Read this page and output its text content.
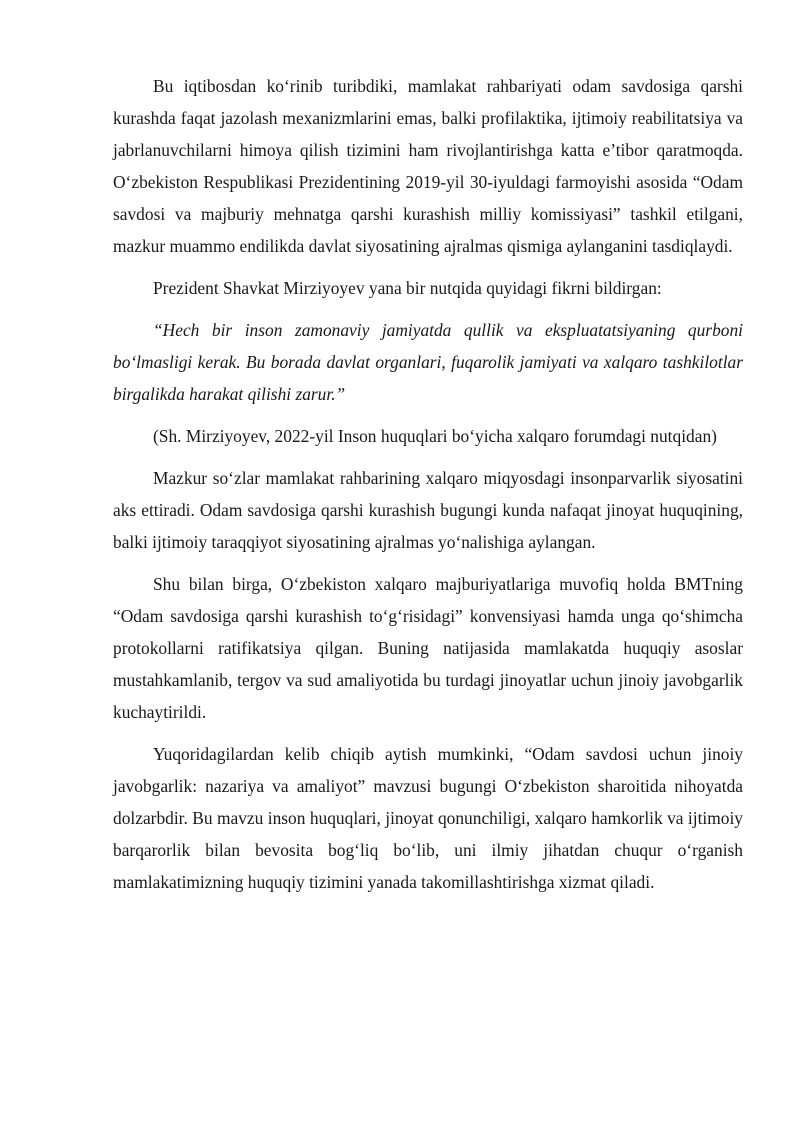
Bu iqtibosdan ko‘rinib turibdiki, mamlakat rahbariyati odam savdosiga qarshi kurashda faqat jazolash mexanizmlarini emas, balki profilaktika, ijtimoiy reabilitatsiya va jabrlanuvchilarni himoya qilish tizimini ham rivojlantirishga katta e’tibor qaratmoqda. O‘zbekiston Respublikasi Prezidentining 2019-yil 30-iyuldagi farmoyishi asosida “Odam savdosi va majburiy mehnatga qarshi kurashish milliy komissiyasi” tashkil etilgani, mazkur muammo endilikda davlat siyosatining ajralmas qismiga aylanganini tasdiqlaydi.

Prezident Shavkat Mirziyoyev yana bir nutqida quyidagi fikrni bildirgan:

“Hech bir inson zamonaviy jamiyatda qullik va ekspluatatsiyaning qurboni bo‘lmasligi kerak. Bu borada davlat organlari, fuqarolik jamiyati va xalqaro tashkilotlar birgalikda harakat qilishi zarur.”

(Sh. Mirziyoyev, 2022-yil Inson huquqlari bo‘yicha xalqaro forumdagi nutqidan)

Mazkur so‘zlar mamlakat rahbarining xalqaro miqyosdagi insonparvarlik siyosatini aks ettiradi. Odam savdosiga qarshi kurashish bugungi kunda nafaqat jinoyat huquqining, balki ijtimoiy taraqqiyot siyosatining ajralmas yo‘nalishiga aylangan.

Shu bilan birga, O‘zbekiston xalqaro majburiyatlariga muvofiq holda BMTning “Odam savdosiga qarshi kurashish to‘g‘risidagi” konvensiyasi hamda unga qo‘shimcha protokollarni ratifikatsiya qilgan. Buning natijasida mamlakatda huquqiy asoslar mustahkamlanib, tergov va sud amaliyotida bu turdagi jinoyatlar uchun jinoiy javobgarlik kuchaytirildi.

Yuqoridagilardan kelib chiqib aytish mumkinki, “Odam savdosi uchun jinoiy javobgarlik: nazariya va amaliyot” mavzusi bugungi O‘zbekiston sharoitida nihoyatda dolzarbdir. Bu mavzu inson huquqlari, jinoyat qonunchiligi, xalqaro hamkorlik va ijtimoiy barqarorlik bilan bevosita bog‘liq bo‘lib, uni ilmiy jihatdan chuqur o‘rganish mamlakatimizning huquqiy tizimini yanada takomillashtirishga xizmat qiladi.
